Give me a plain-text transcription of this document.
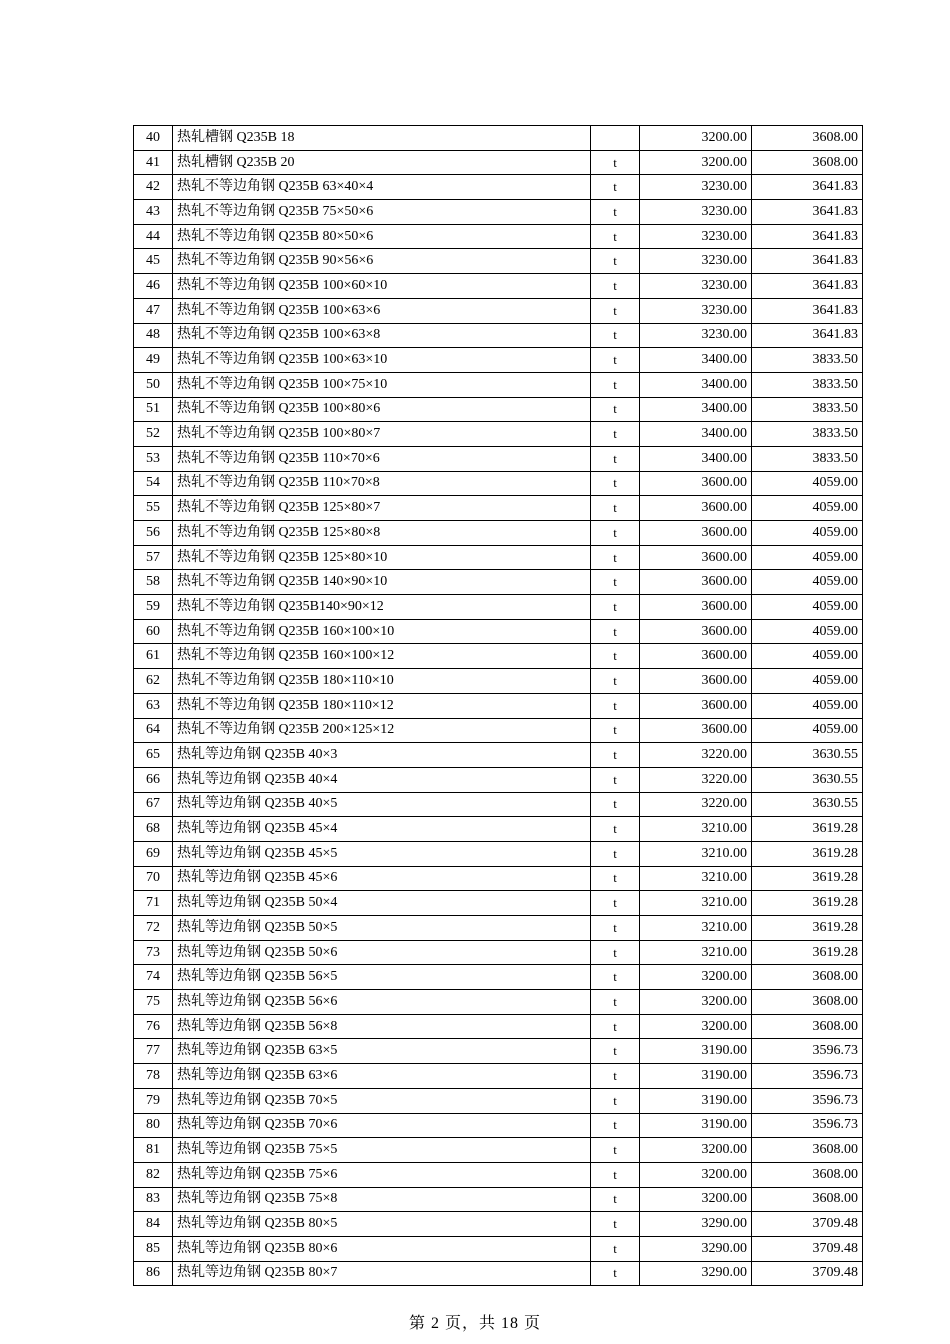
40	热轧槽钢 Q235B 18		3200.00	3608.00
41	热轧槽钢 Q235B 20	t	3200.00	3608.00
42	热轧不等边角钢 Q235B 63×40×4	t	3230.00	3641.83
43	热轧不等边角钢 Q235B 75×50×6	t	3230.00	3641.83
44	热轧不等边角钢 Q235B 80×50×6	t	3230.00	3641.83
45	热轧不等边角钢 Q235B 90×56×6	t	3230.00	3641.83
46	热轧不等边角钢 Q235B 100×60×10	t	3230.00	3641.83
47	热轧不等边角钢 Q235B 100×63×6	t	3230.00	3641.83
48	热轧不等边角钢 Q235B 100×63×8	t	3230.00	3641.83
49	热轧不等边角钢 Q235B 100×63×10	t	3400.00	3833.50
50	热轧不等边角钢 Q235B 100×75×10	t	3400.00	3833.50
51	热轧不等边角钢 Q235B 100×80×6	t	3400.00	3833.50
52	热轧不等边角钢 Q235B 100×80×7	t	3400.00	3833.50
53	热轧不等边角钢 Q235B 110×70×6	t	3400.00	3833.50
54	热轧不等边角钢 Q235B 110×70×8	t	3600.00	4059.00
55	热轧不等边角钢 Q235B 125×80×7	t	3600.00	4059.00
56	热轧不等边角钢 Q235B 125×80×8	t	3600.00	4059.00
57	热轧不等边角钢 Q235B 125×80×10	t	3600.00	4059.00
58	热轧不等边角钢 Q235B 140×90×10	t	3600.00	4059.00
59	热轧不等边角钢 Q235B140×90×12	t	3600.00	4059.00
60	热轧不等边角钢 Q235B 160×100×10	t	3600.00	4059.00
61	热轧不等边角钢 Q235B 160×100×12	t	3600.00	4059.00
62	热轧不等边角钢 Q235B 180×110×10	t	3600.00	4059.00
63	热轧不等边角钢 Q235B 180×110×12	t	3600.00	4059.00
64	热轧不等边角钢 Q235B 200×125×12	t	3600.00	4059.00
65	热轧等边角钢 Q235B 40×3	t	3220.00	3630.55
66	热轧等边角钢 Q235B 40×4	t	3220.00	3630.55
67	热轧等边角钢 Q235B 40×5	t	3220.00	3630.55
68	热轧等边角钢 Q235B 45×4	t	3210.00	3619.28
69	热轧等边角钢 Q235B 45×5	t	3210.00	3619.28
70	热轧等边角钢 Q235B 45×6	t	3210.00	3619.28
71	热轧等边角钢 Q235B 50×4	t	3210.00	3619.28
72	热轧等边角钢 Q235B 50×5	t	3210.00	3619.28
73	热轧等边角钢 Q235B 50×6	t	3210.00	3619.28
74	热轧等边角钢 Q235B 56×5	t	3200.00	3608.00
75	热轧等边角钢 Q235B 56×6	t	3200.00	3608.00
76	热轧等边角钢 Q235B 56×8	t	3200.00	3608.00
77	热轧等边角钢 Q235B 63×5	t	3190.00	3596.73
78	热轧等边角钢 Q235B 63×6	t	3190.00	3596.73
79	热轧等边角钢 Q235B 70×5	t	3190.00	3596.73
80	热轧等边角钢 Q235B 70×6	t	3190.00	3596.73
81	热轧等边角钢 Q235B 75×5	t	3200.00	3608.00
82	热轧等边角钢 Q235B 75×6	t	3200.00	3608.00
83	热轧等边角钢 Q235B 75×8	t	3200.00	3608.00
84	热轧等边角钢 Q235B 80×5	t	3290.00	3709.48
85	热轧等边角钢 Q235B 80×6	t	3290.00	3709.48
86	热轧等边角钢 Q235B 80×7	t	3290.00	3709.48
第 2 页，共 18 页
